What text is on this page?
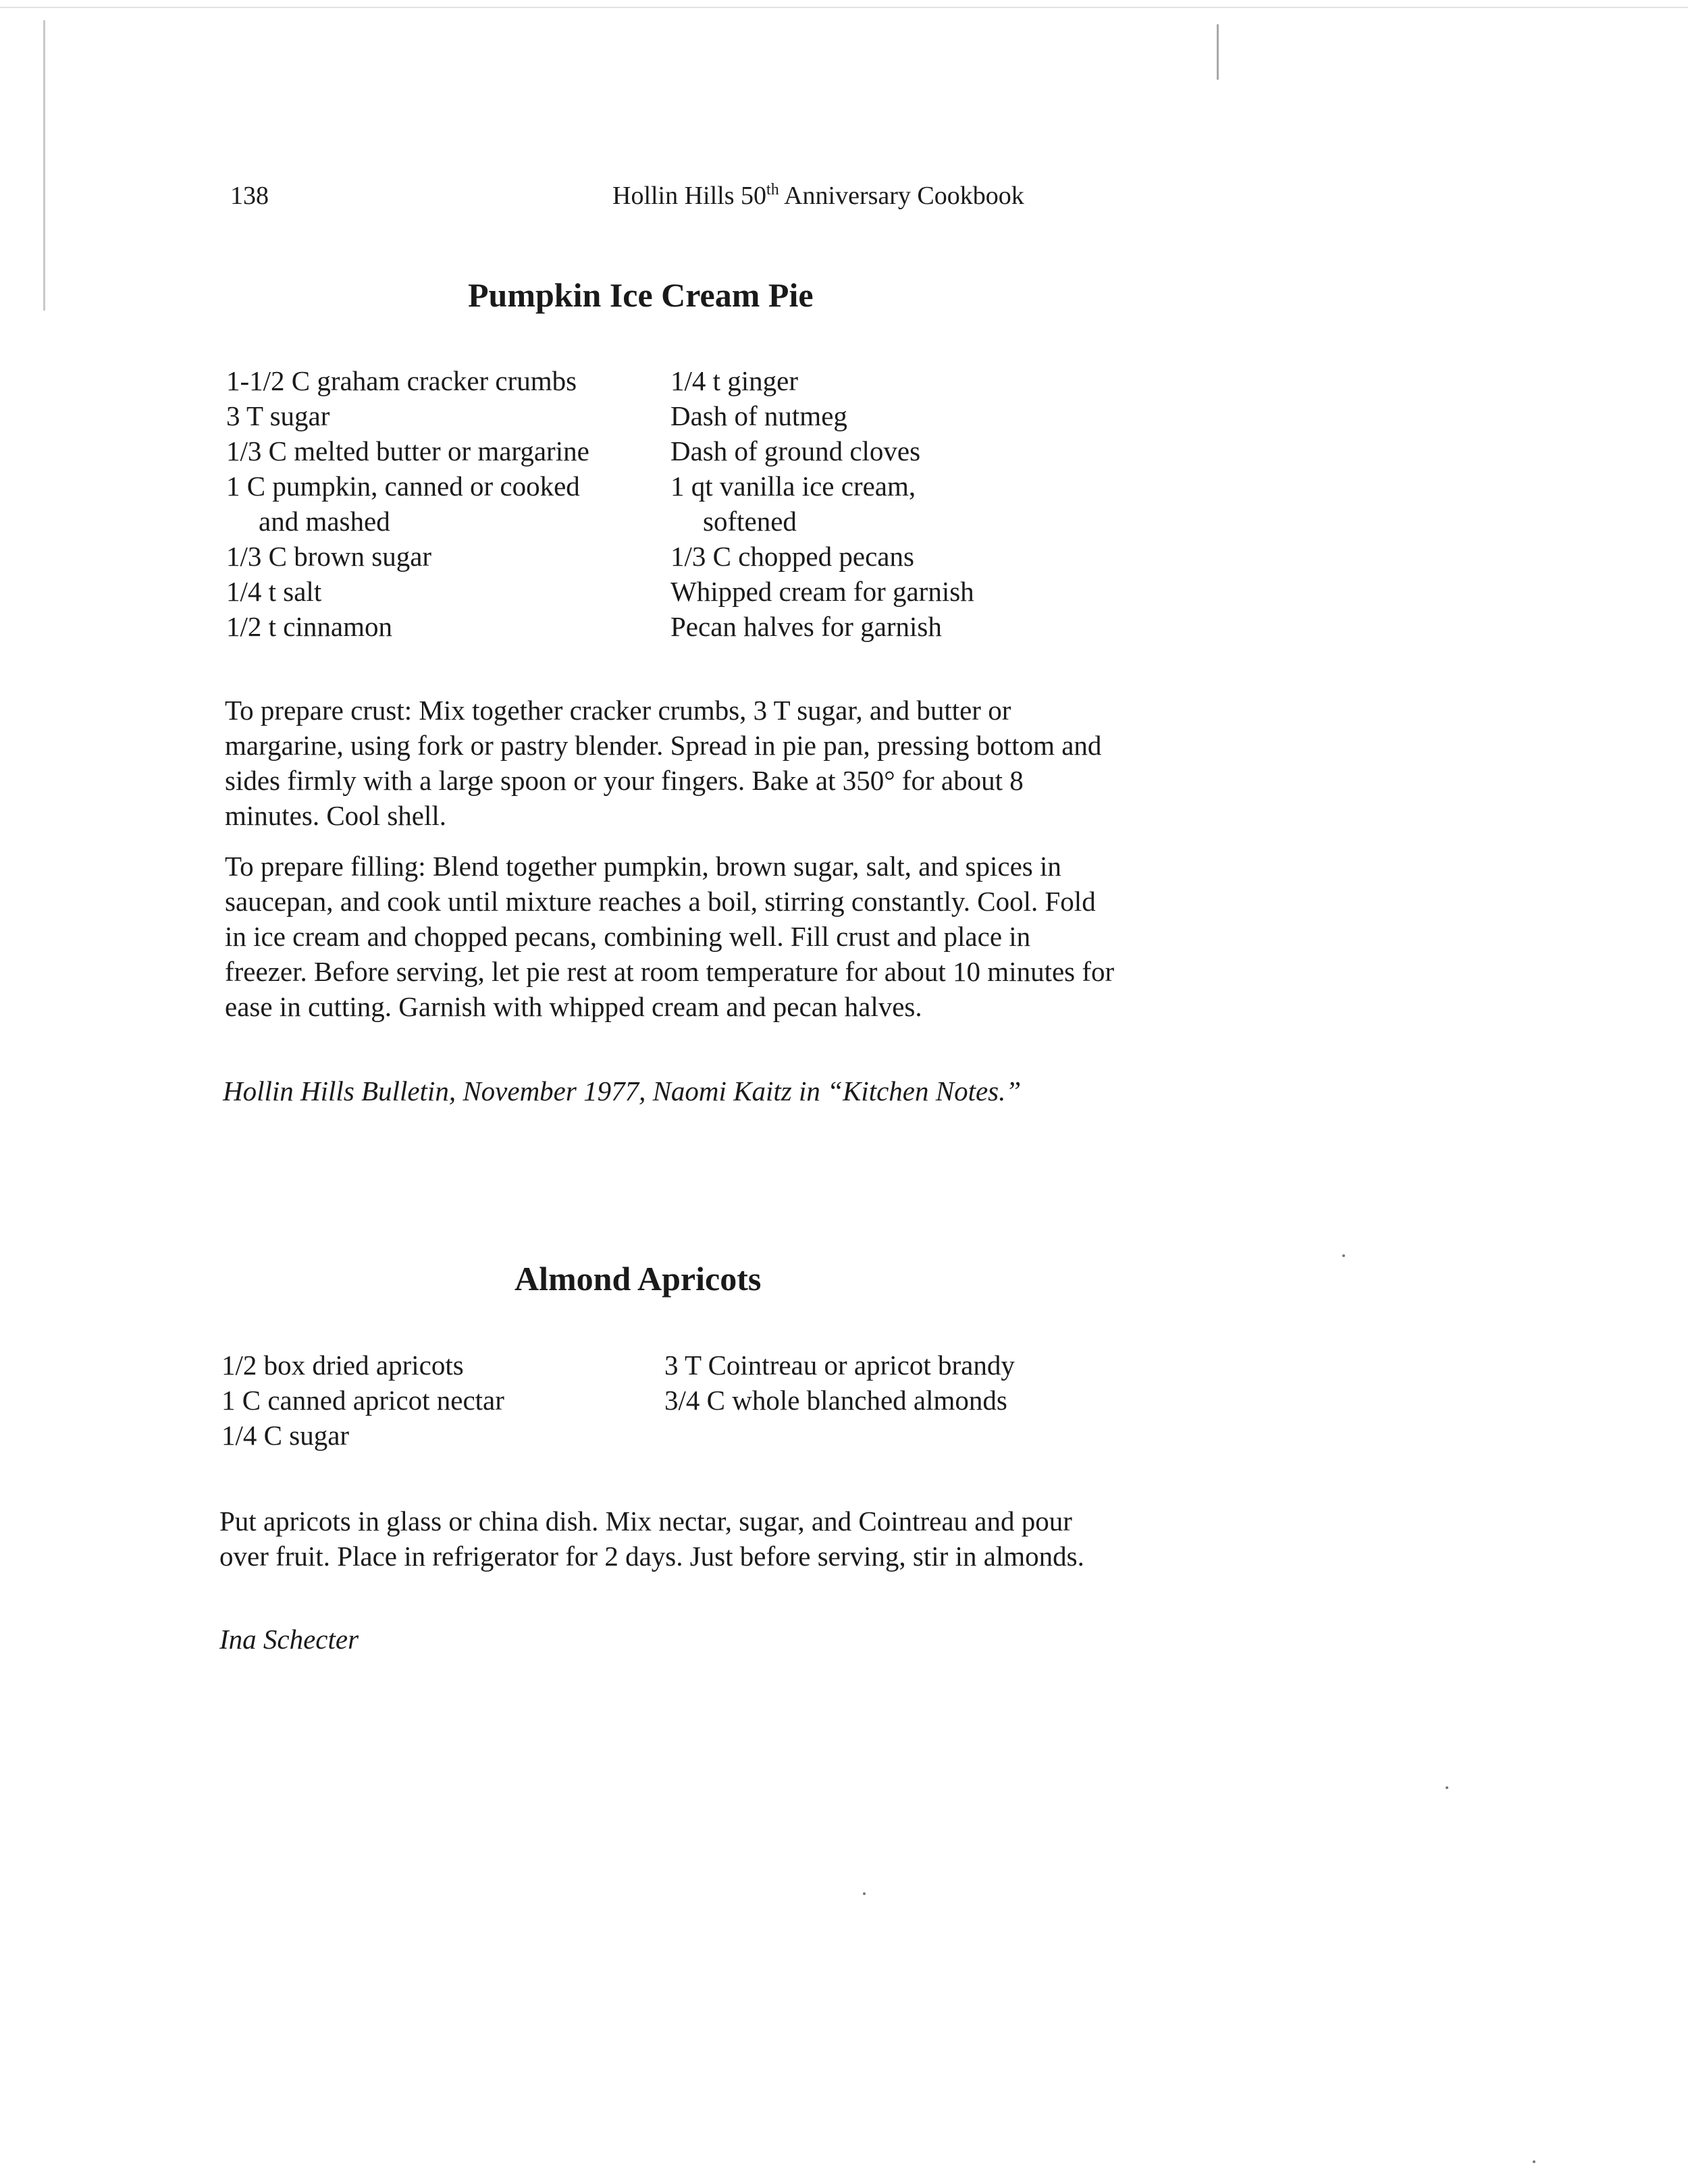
138	Hollin Hills 50th Anniversary Cookbook
Pumpkin Ice Cream Pie
1-1/2 C graham cracker crumbs
3 T sugar
1/3 C melted butter or margarine
1 C pumpkin, canned or cooked
and mashed
1/3 C brown sugar
1/4 t salt
1/2 t cinnamon
1/4 t ginger
Dash of nutmeg
Dash of ground cloves
1 qt vanilla ice cream,
softened
1/3 C chopped pecans
Whipped cream for garnish
Pecan halves for garnish

To prepare crust: Mix together cracker crumbs, 3 T sugar, and butter or margarine, using fork or pastry blender. Spread in pie pan, pressing bottom and sides firmly with a large spoon or your fingers. Bake at 350° for about 8 minutes. Cool shell.

To prepare filling: Blend together pumpkin, brown sugar, salt, and spices in saucepan, and cook until mixture reaches a boil, stirring constantly. Cool. Fold in ice cream and chopped pecans, combining well. Fill crust and place in freezer. Before serving, let pie rest at room temperature for about 10 minutes for ease in cutting. Garnish with whipped cream and pecan halves.

Hollin Hills Bulletin, November 1977, Naomi Kaitz in “Kitchen Notes.”

Almond Apricots
1/2 box dried apricots
1 C canned apricot nectar
1/4 C sugar
3 T Cointreau or apricot brandy
3/4 C whole blanched almonds

Put apricots in glass or china dish. Mix nectar, sugar, and Cointreau and pour over fruit. Place in refrigerator for 2 days. Just before serving, stir in almonds.

Ina Schecter
